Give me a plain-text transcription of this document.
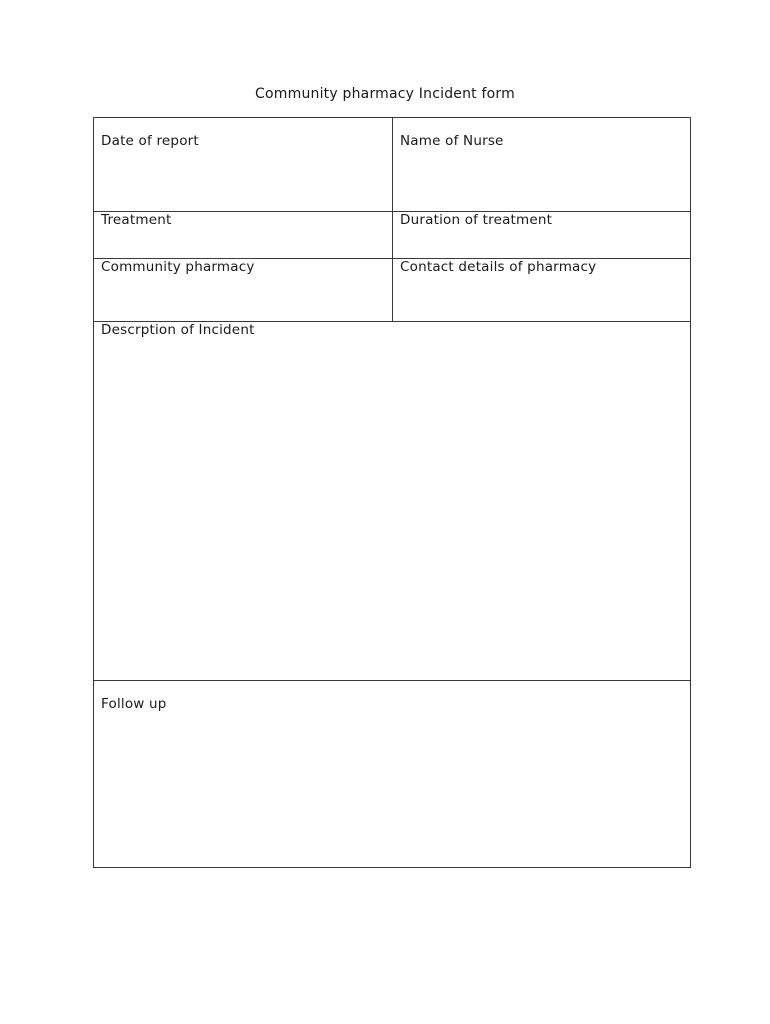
Community pharmacy Incident form
Date of report	Name of Nurse
Treatment	Duration of treatment
Community pharmacy	Contact details of pharmacy
Descrption of Incident
Follow up
